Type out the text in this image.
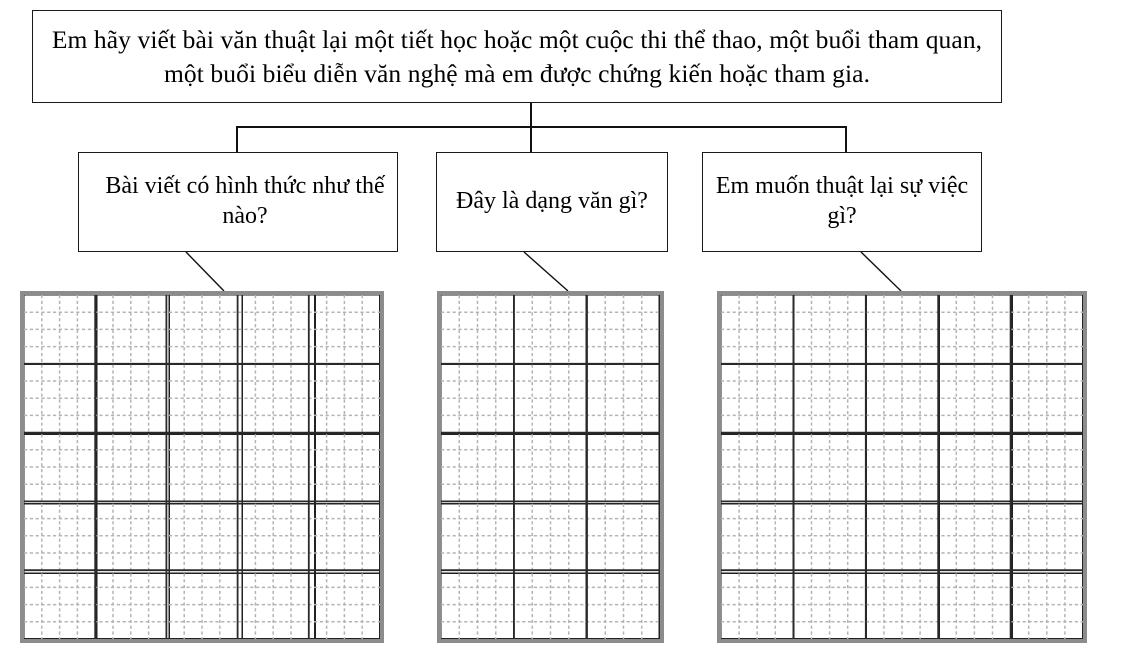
Em hãy viết bài văn thuật lại một tiết học hoặc một cuộc thi thể thao, một buổi tham quan, một buổi biểu diễn văn nghệ mà em được chứng kiến hoặc tham gia.
Bài viết có hình thức như thế nào?
Đây là dạng văn gì?
Em muốn thuật lại sự việc gì?
